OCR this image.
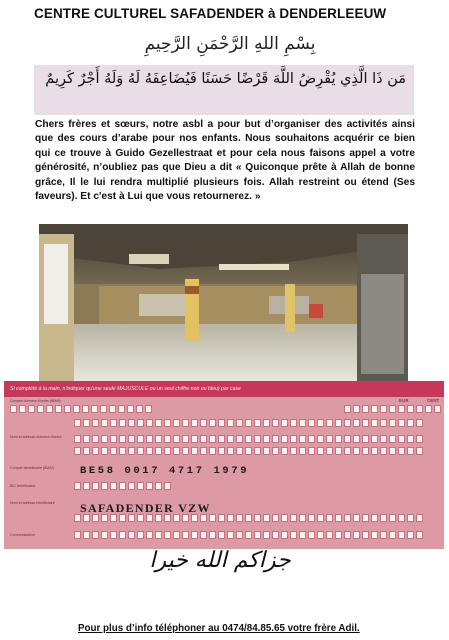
CENTRE CULTUREL SAFADENDER à DENDERLEEUW
بِسْمِ اللهِ الرَّحْمَنِ الرَّحِيمِ
مَن ذَا الَّذِي يُقْرِضُ اللَّهَ قَرْضًا حَسَنًا فَيُضَاعِفَهُ لَهُ وَلَهُ أَجْرٌ كَرِيمٌ
Chers frères et sœurs, notre asbl a pour but d’organiser des activités ainsi que des cours d’arabe pour nos enfants. Nous souhaitons acquérir ce bien qui ce trouve à Guido Gezellestraat et pour cela nous faisons appel a votre générosité, n’oubliez pas que Dieu a dit « Quiconque prête à Allah de bonne grâce, Il le lui rendra multiplié plusieurs fois. Allah restreint ou étend (Ses faveurs). Et c'est à Lui que vous retournerez. »
Si complété à la main, n'indiquer qu'une seule MAJUSCULE ou un seul chiffre noir ou bleu) par case
Compte donneur d'ordre (IBAN)	EUR	CENT
Nom et adresse donneur d'ordre
Compte bénéficiaire (IBAN)
BIC bénéficiaire
Nom et adresse bénéficiaire
Communication
BE58 0017 4717 1979
SAFADENDER VZW
جزاكم الله خيرا
Pour plus d’info téléphoner au 0474/84.85.65 votre frère Adil.
